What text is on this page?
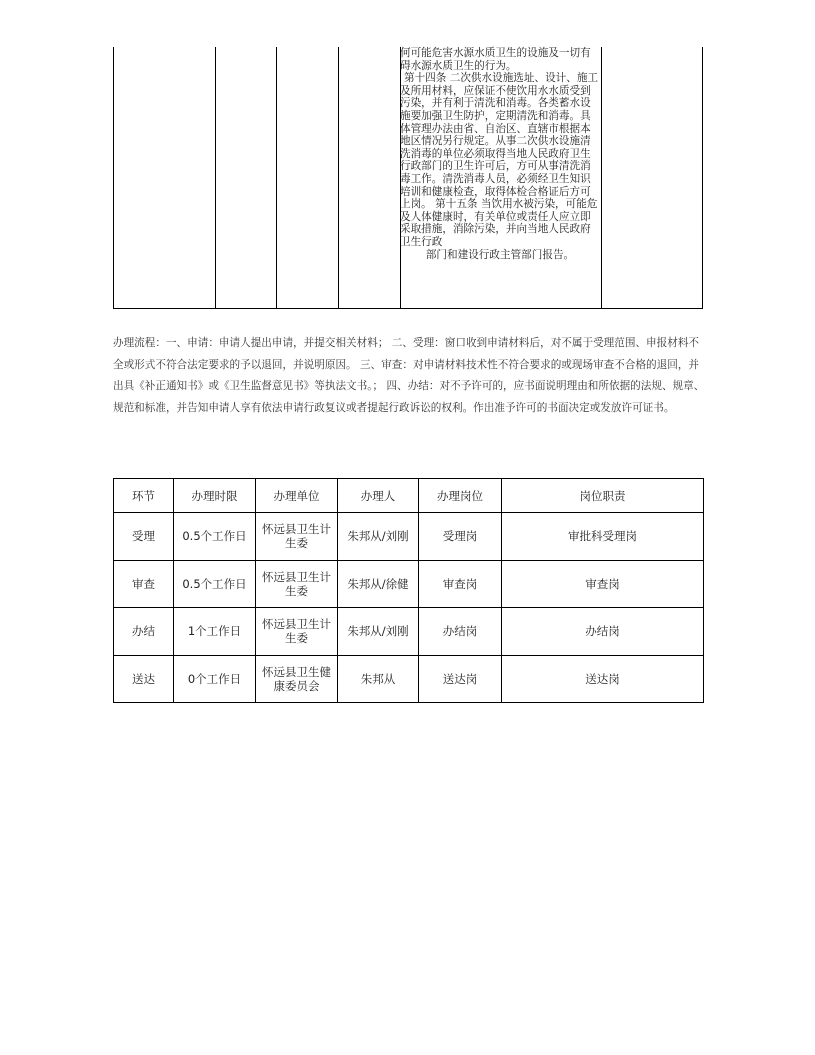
何可能危害水源水质卫生的设施及一切有碍水源水质卫生的行为。

第十四条 二次供水设施选址、设计、施工及所用材料，应保证不使饮用水水质受到污染，并有利于清洗和消毒。各类蓄水设施要加强卫生防护，定期清洗和消毒。具体管理办法由省、自治区、直辖市根据本地区情况另行规定。从事二次供水设施清洗消毒的单位必须取得当地人民政府卫生行政部门的卫生许可后，方可从事清洗消毒工作。清洗消毒人员，必须经卫生知识培训和健康检查，取得体检合格证后方可上岗。 第十五条 当饮用水被污染，可能危及人体健康时，有关单位或责任人应立即采取措施，消除污染，并向当地人民政府卫生行政

部门和建设行政主管部门报告。

办理流程：一、申请：申请人提出申请，并提交相关材料； 二、受理：窗口收到申请材料后，对不属于受理范围、申报材料不全或形式不符合法定要求的予以退回，并说明原因。 三、审查：对申请材料技术性不符合要求的或现场审查不合格的退回，并出具《补正通知书》或《卫生监督意见书》等执法文书。； 四、办结：对不予许可的，应书面说明理由和所依据的法规、规章、规范和标准，并告知申请人享有依法申请行政复议或者提起行政诉讼的权利。作出准予许可的书面决定或发放许可证书。

环节	办理时限	办理单位	办理人	办理岗位	岗位职责
受理	0.5个工作日	怀远县卫生计生委	朱邦从/刘刚	受理岗	审批科受理岗
审查	0.5个工作日	怀远县卫生计生委	朱邦从/徐健	审查岗	审查岗
办结	1个工作日	怀远县卫生计生委	朱邦从/刘刚	办结岗	办结岗
送达	0个工作日	怀远县卫生健康委员会	朱邦从	送达岗	送达岗
